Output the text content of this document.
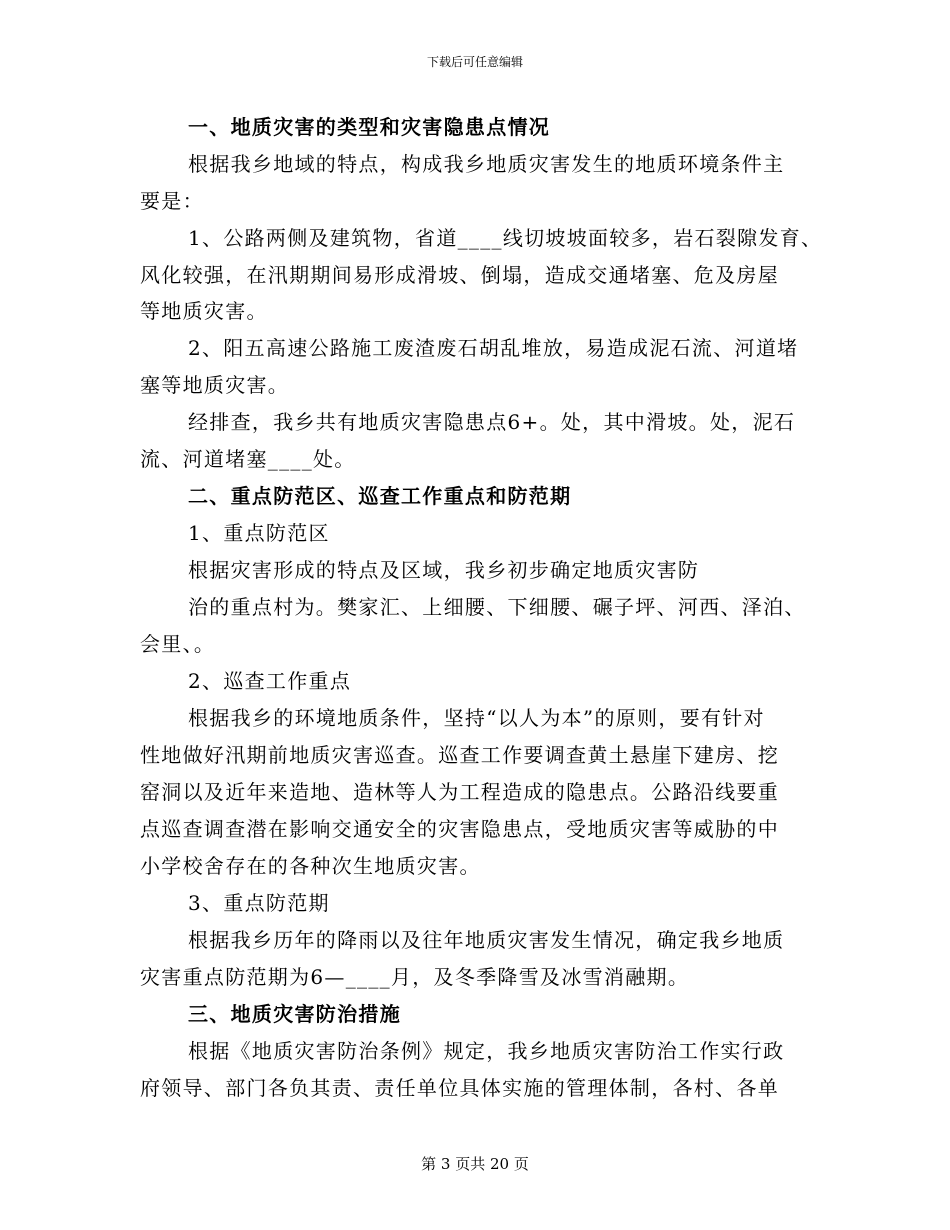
下载后可任意编辑
一、地质灾害的类型和灾害隐患点情况
根据我乡地域的特点，构成我乡地质灾害发生的地质环境条件主
要是：
1、公路两侧及建筑物，省道____线切坡坡面较多，岩石裂隙发育、
风化较强，在汛期期间易形成滑坡、倒塌，造成交通堵塞、危及房屋
等地质灾害。
2、阳五高速公路施工废渣废石胡乱堆放，易造成泥石流、河道堵
塞等地质灾害。
经排查，我乡共有地质灾害隐患点6+。处，其中滑坡。处，泥石
流、河道堵塞____处。
二、重点防范区、巡查工作重点和防范期
1、重点防范区
根据灾害形成的特点及区域，我乡初步确定地质灾害防
治的重点村为。樊家汇、上细腰、下细腰、碾子坪、河西、泽泊、
会里、。
2、巡查工作重点
根据我乡的环境地质条件，坚持“以人为本”的原则，要有针对
性地做好汛期前地质灾害巡查。巡查工作要调查黄土悬崖下建房、挖
窑洞以及近年来造地、造林等人为工程造成的隐患点。公路沿线要重
点巡查调查潜在影响交通安全的灾害隐患点，受地质灾害等威胁的中
小学校舍存在的各种次生地质灾害。
3、重点防范期
根据我乡历年的降雨以及往年地质灾害发生情况，确定我乡地质
灾害重点防范期为6—____月，及冬季降雪及冰雪消融期。
三、地质灾害防治措施
根据《地质灾害防治条例》规定，我乡地质灾害防治工作实行政
府领导、部门各负其责、责任单位具体实施的管理体制，各村、各单
第 3 页共 20 页
